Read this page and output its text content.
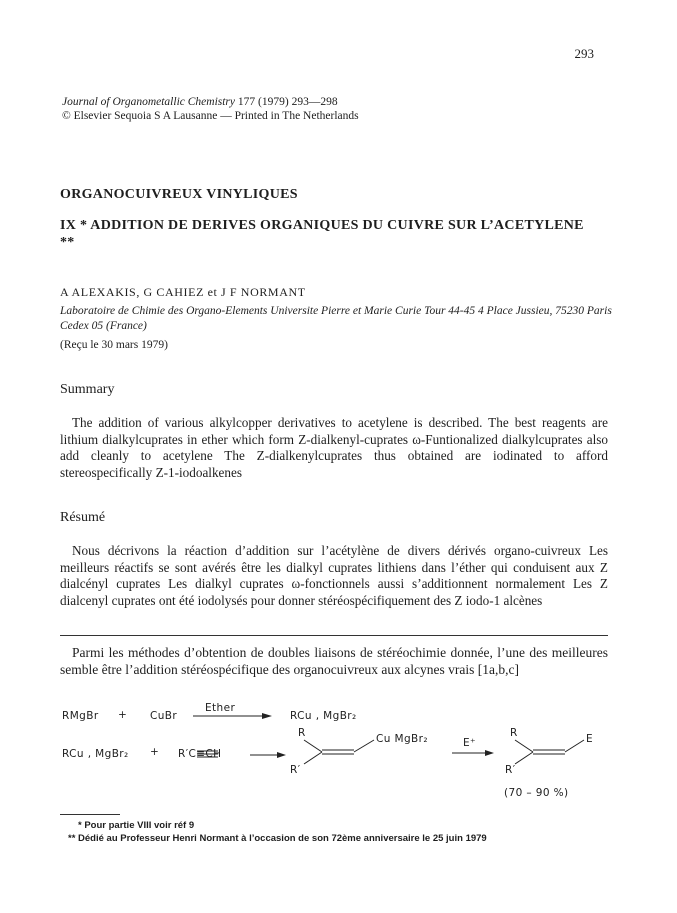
293
Journal of Organometallic Chemistry 177 (1979) 293—298
© Elsevier Sequoia S A Lausanne — Printed in The Netherlands
ORGANOCUIVREUX VINYLIQUES
IX * ADDITION DE DERIVES ORGANIQUES DU CUIVRE SUR L’ACETYLENE **
A ALEXAKIS, G CAHIEZ et J F NORMANT
Laboratoire de Chimie des Organo-Elements Universite Pierre et Marie Curie Tour 44-45 4 Place Jussieu, 75230 Paris Cedex 05 (France)
(Reçu le 30 mars 1979)
Summary

The addition of various alkylcopper derivatives to acetylene is described. The best reagents are lithium dialkylcuprates in ether which form Z-dialkenyl-cuprates ω-Funtionalized dialkylcuprates also add cleanly to acetylene The Z-dialkenylcuprates thus obtained are iodinated to afford stereospecifically Z-1-iodoalkenes

Résumé

Nous décrivons la réaction d’addition sur l’acétylène de divers dérivés organo-cuivreux Les meilleurs réactifs se sont avérés être les dialkyl cuprates lithiens dans l’éther qui conduisent aux Z dialcényl cuprates Les dialkyl cuprates ω-fonctionnels aussi s’additionnent normalement Les Z dialcenyl cuprates ont été iodolysés pour donner stéréospécifiquement des Z iodo-1 alcènes

Parmi les méthodes d’obtention de doubles liaisons de stéréochimie donnée, l’une des meilleures semble être l’addition stéréospécifique des organocuivreux aux alcynes vrais [1a,b,c]

RMgBr + CuBr
Ether
RCu , MgBr₂
RCu , MgBr₂ + R′C≡CH
R
R′
Cu MgBr₂	E⁺
R
R′
E
(70 – 90 %)
* Pour partie VIII voir réf 9
** Dédié au Professeur Henri Normant à l’occasion de son 72ème anniversaire le 25 juin 1979
